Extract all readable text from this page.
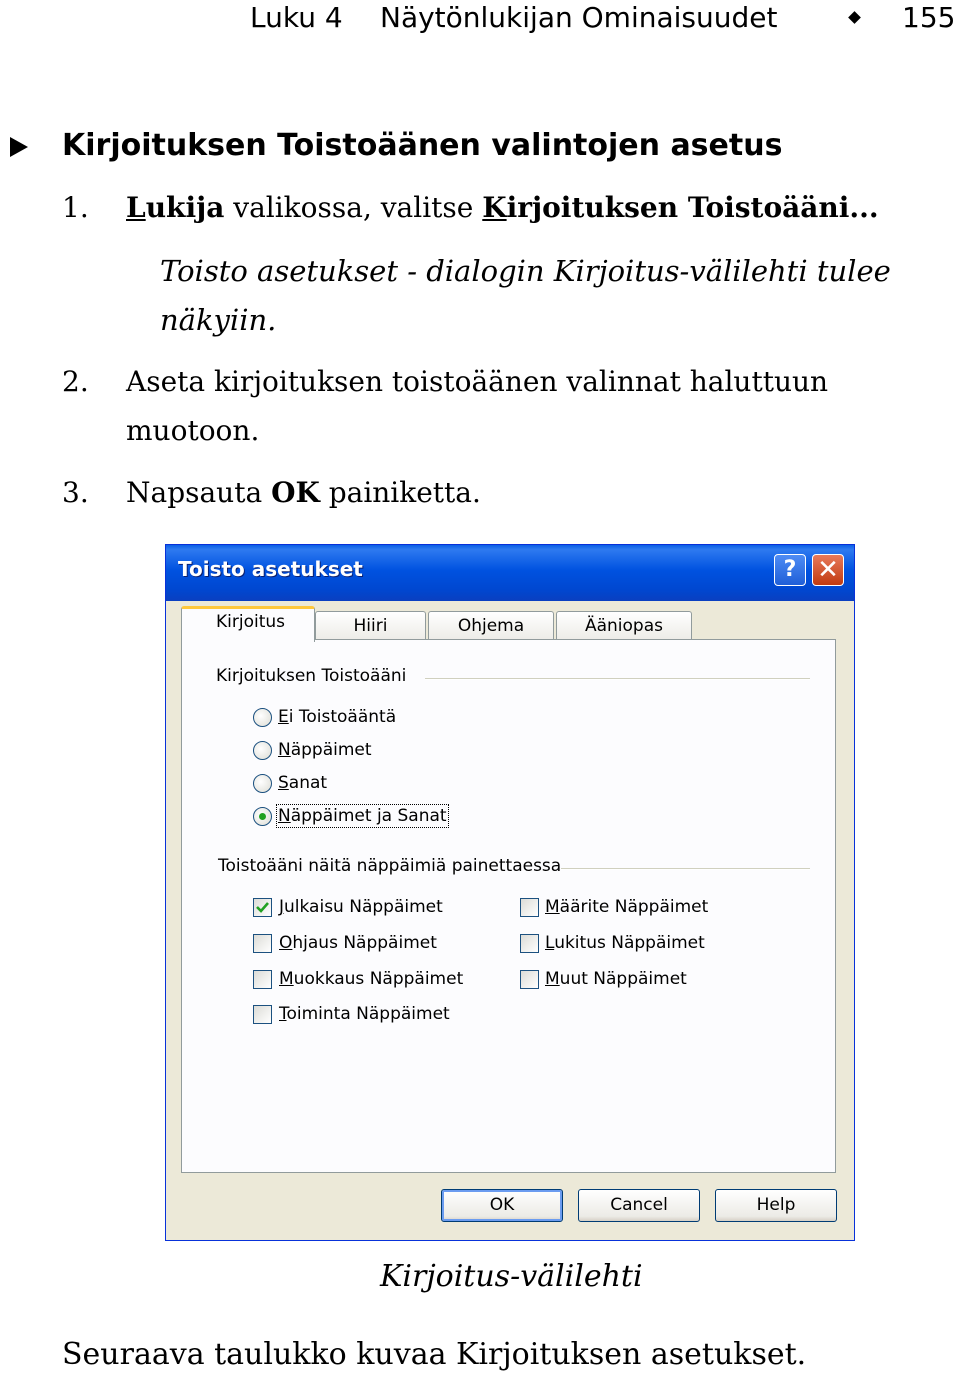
Luku 4 Näytönlukijan Ominaisuudet	155
Kirjoituksen Toistoäänen valintojen asetus
1. Lukija valikossa, valitse Kirjoituksen Toistoääni...
Toisto asetukset - dialogin Kirjoitus-välilehti tulee
näkyiin.
2. Aseta kirjoituksen toistoäänen valinnat haluttuun
muotoon.
3. Napsauta OK painiketta.
Toisto asetukset	? ✕
Kirjoitus	Hiiri	Ohjema	Ääniopas
Kirjoituksen Toistoääni
Ei Toistoääntä
Näppäimet
Sanat
Näppäimet ja Sanat
Toistoääni näitä näppäimiä painettaessa
Julkaisu Näppäimet
Ohjaus Näppäimet
Muokkaus Näppäimet
Toiminta Näppäimet
Määrite Näppäimet
Lukitus Näppäimet
Muut Näppäimet
OK	Cancel	Help
Kirjoitus-välilehti
Seuraava taulukko kuvaa Kirjoituksen asetukset.
